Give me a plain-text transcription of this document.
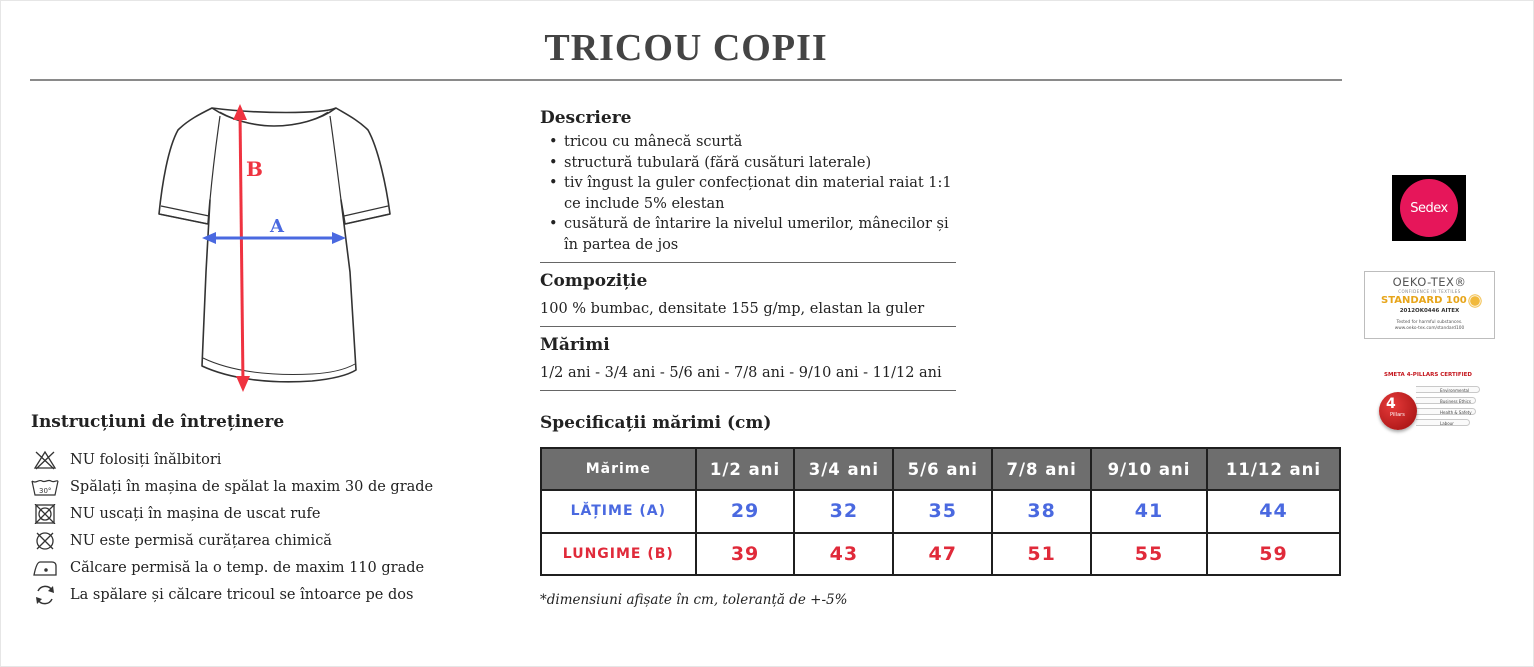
TRICOU COPII
B
A
Instrucțiuni de întreținere
NU folosiți înălbitori
30° Spălați în mașina de spălat la maxim 30 de grade
NU uscați în mașina de uscat rufe
NU este permisă curățarea chimică
Călcare permisă la o temp. de maxim 110 grade
La spălare și călcare tricoul se întoarce pe dos
Descriere
• tricou cu mânecă scurtă
• structură tubulară (fără cusături laterale)
• tiv îngust la guler confecționat din material raiat 1:1 ce include 5% elestan
• cusătură de întarire la nivelul umerilor, mânecilor și în partea de jos
Compoziție
100 % bumbac, densitate 155 g/mp, elastan la guler
Mărimi
1/2 ani - 3/4 ani - 5/6 ani - 7/8 ani - 9/10 ani - 11/12 ani
Specificații mărimi (cm)
Mărime	1/2 ani	3/4 ani	5/6 ani	7/8 ani	9/10 ani	11/12 ani
LĂȚIME (A)	29	32	35	38	41	44
LUNGIME (B)	39	43	47	51	55	59
*dimensiuni afișate în cm, toleranță de +-5%
Sedex
OEKO-TEX®
CONFIDENCE IN TEXTILES
STANDARD 100
2012OK0446 AITEX
Tested for harmful substances.
www.oeko-tex.com/standard100
SMETA 4-PILLARS CERTIFIED
Environmental
Business Ethics
Health & Safety
Labour
4
Pillars
